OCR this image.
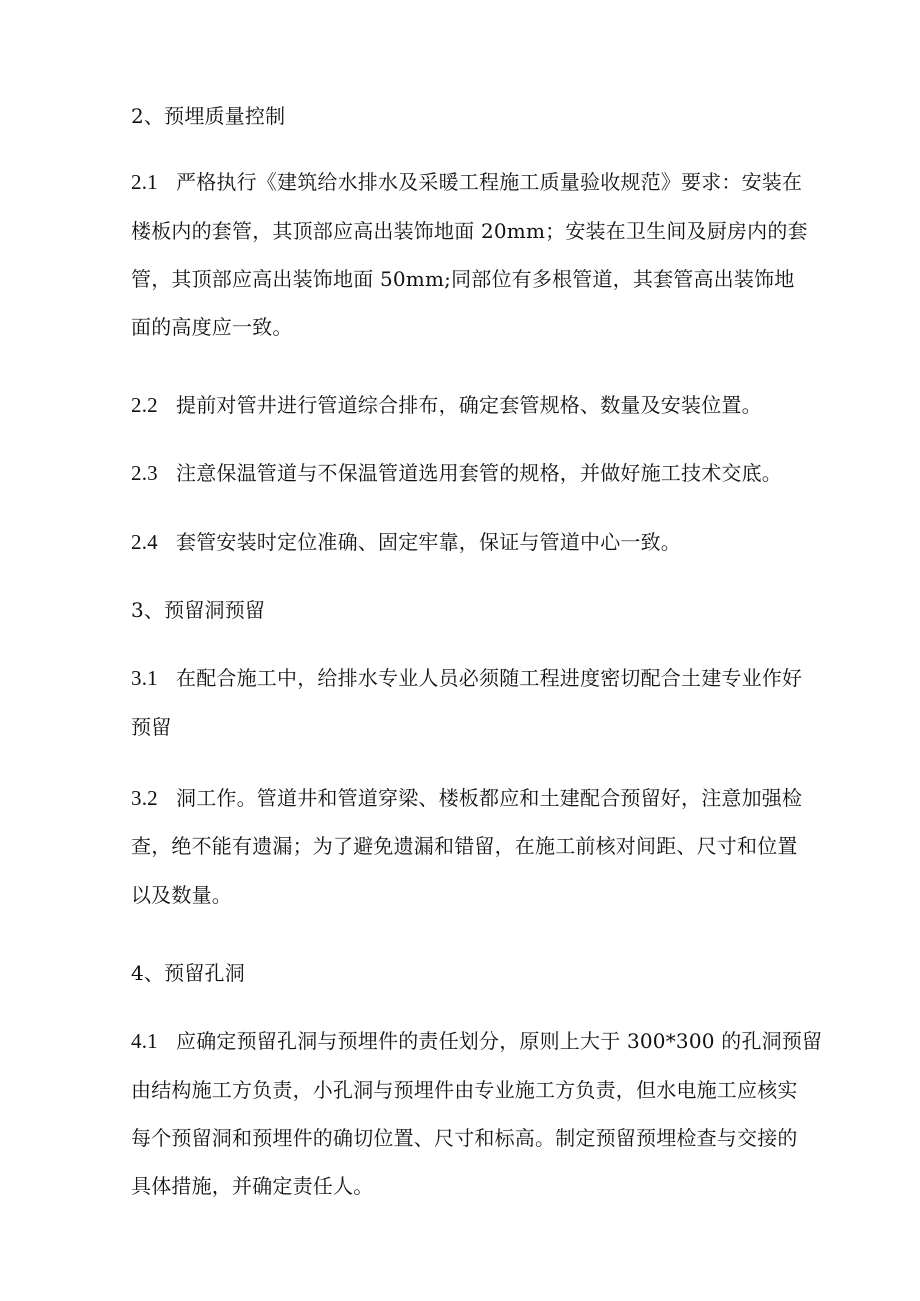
2、预埋质量控制
2.1 严格执行《建筑给水排水及采暖工程施工质量验收规范》要求：安装在
楼板内的套管，其顶部应高出装饰地面 20mm；安装在卫生间及厨房内的套
管，其顶部应高出装饰地面 50mm;同部位有多根管道，其套管高出装饰地
面的高度应一致。
2.2 提前对管井进行管道综合排布，确定套管规格、数量及安装位置。
2.3 注意保温管道与不保温管道选用套管的规格，并做好施工技术交底。
2.4 套管安装时定位准确、固定牢靠，保证与管道中心一致。
3、预留洞预留
3.1 在配合施工中，给排水专业人员必须随工程进度密切配合土建专业作好
预留
3.2 洞工作。管道井和管道穿梁、楼板都应和土建配合预留好，注意加强检
查，绝不能有遗漏；为了避免遗漏和错留，在施工前核对间距、尺寸和位置
以及数量。
4、预留孔洞
4.1 应确定预留孔洞与预埋件的责任划分，原则上大于 300*300 的孔洞预留
由结构施工方负责，小孔洞与预埋件由专业施工方负责，但水电施工应核实
每个预留洞和预埋件的确切位置、尺寸和标高。制定预留预埋检查与交接的
具体措施，并确定责任人。
